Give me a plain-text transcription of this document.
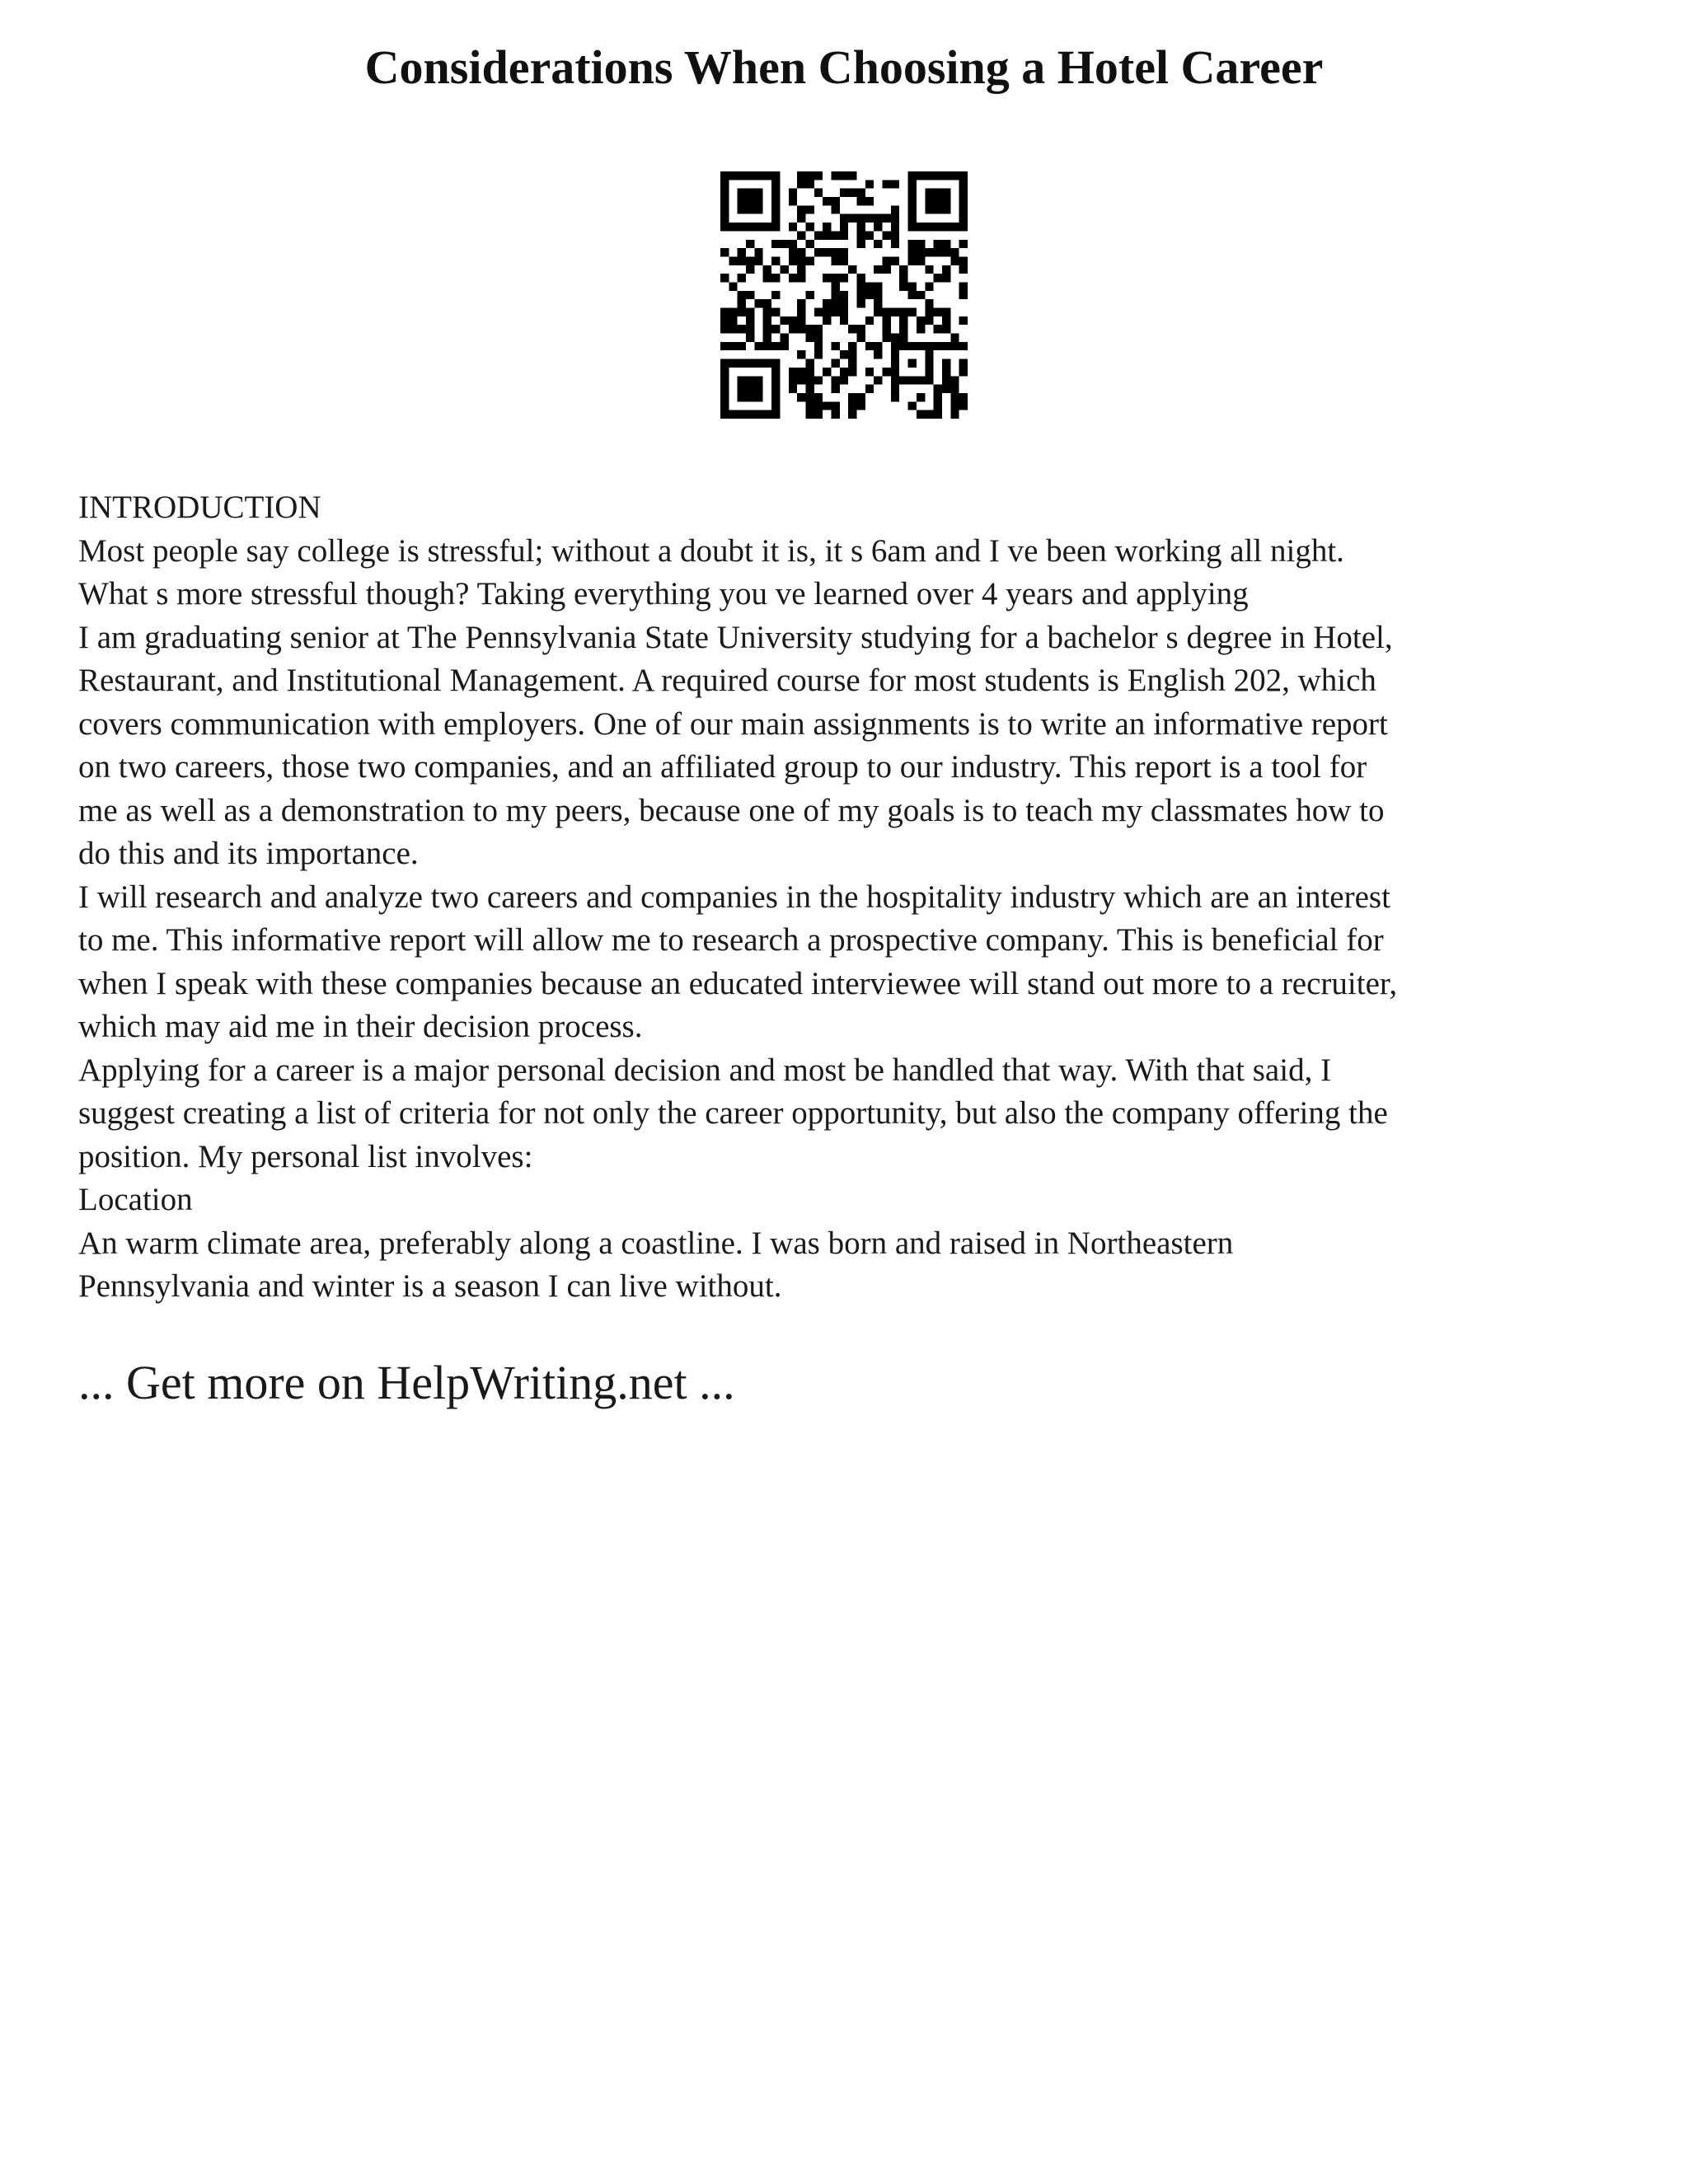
Considerations When Choosing a Hotel Career
INTRODUCTION
Most people say college is stressful; without a doubt it is, it s 6am and I ve been working all night.
What s more stressful though? Taking everything you ve learned over 4 years and applying
I am graduating senior at The Pennsylvania State University studying for a bachelor s degree in Hotel,
Restaurant, and Institutional Management. A required course for most students is English 202, which
covers communication with employers. One of our main assignments is to write an informative report
on two careers, those two companies, and an affiliated group to our industry. This report is a tool for
me as well as a demonstration to my peers, because one of my goals is to teach my classmates how to
do this and its importance.
I will research and analyze two careers and companies in the hospitality industry which are an interest
to me. This informative report will allow me to research a prospective company. This is beneficial for
when I speak with these companies because an educated interviewee will stand out more to a recruiter,
which may aid me in their decision process.
Applying for a career is a major personal decision and most be handled that way. With that said, I
suggest creating a list of criteria for not only the career opportunity, but also the company offering the
position. My personal list involves:
Location
An warm climate area, preferably along a coastline. I was born and raised in Northeastern
Pennsylvania and winter is a season I can live without.
... Get more on HelpWriting.net ...
